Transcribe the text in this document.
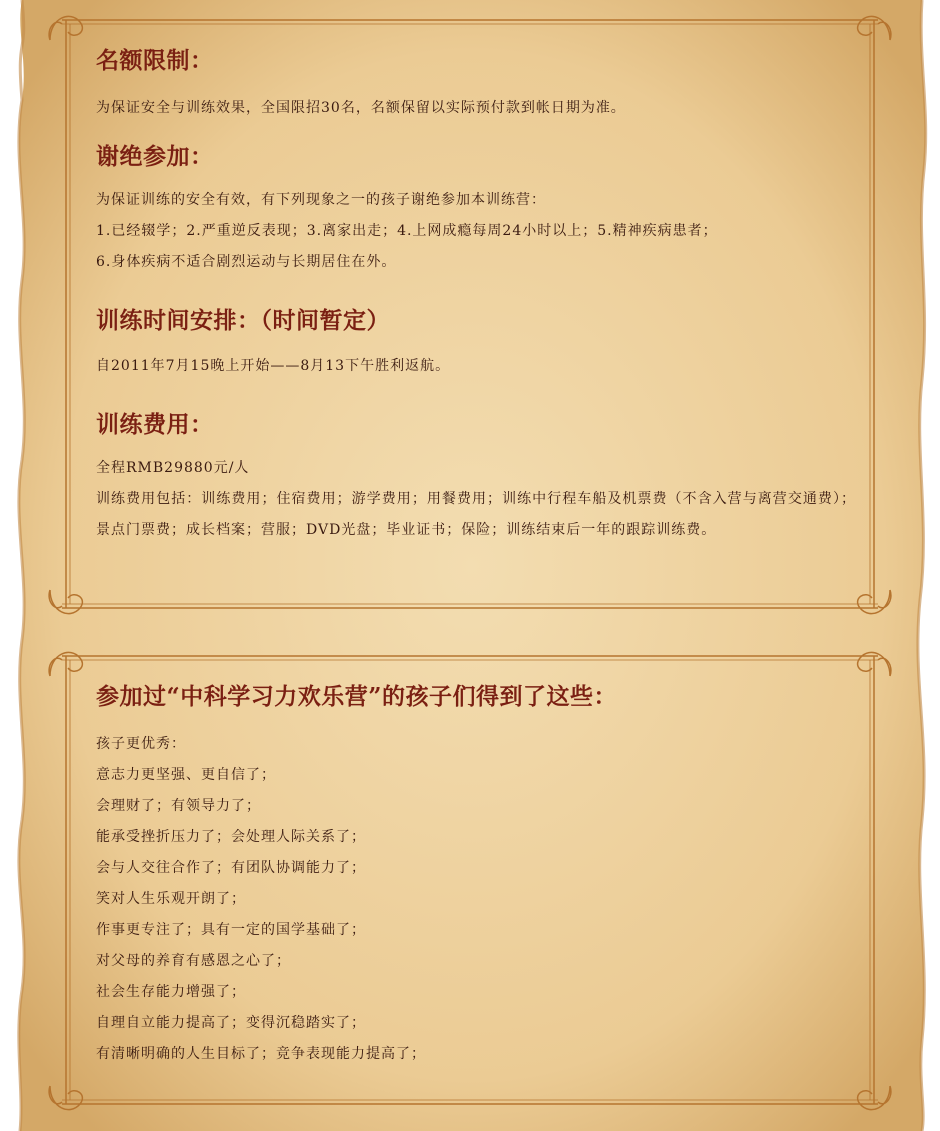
名额限制：
为保证安全与训练效果，全国限招30名，名额保留以实际预付款到帐日期为准。
谢绝参加：
为保证训练的安全有效，有下列现象之一的孩子谢绝参加本训练营：
1.已经辍学；2.严重逆反表现；3.离家出走；4.上网成瘾每周24小时以上；5.精神疾病患者；
6.身体疾病不适合剧烈运动与长期居住在外。
训练时间安排：（时间暂定）
自2011年7月15晚上开始——8月13下午胜利返航。
训练费用：
全程RMB29880元/人
训练费用包括：训练费用；住宿费用；游学费用；用餐费用；训练中行程车船及机票费（不含入营与离营交通费）；景点门票费；成长档案；营服；DVD光盘；毕业证书；保险；训练结束后一年的跟踪训练费。
参加过“中科学习力欢乐营”的孩子们得到了这些：
孩子更优秀：
意志力更坚强、更自信了；
会理财了；有领导力了；
能承受挫折压力了；会处理人际关系了；
会与人交往合作了；有团队协调能力了；
笑对人生乐观开朗了；
作事更专注了；具有一定的国学基础了；
对父母的养育有感恩之心了；
社会生存能力增强了；
自理自立能力提高了；变得沉稳踏实了；
有清晰明确的人生目标了；竞争表现能力提高了；
